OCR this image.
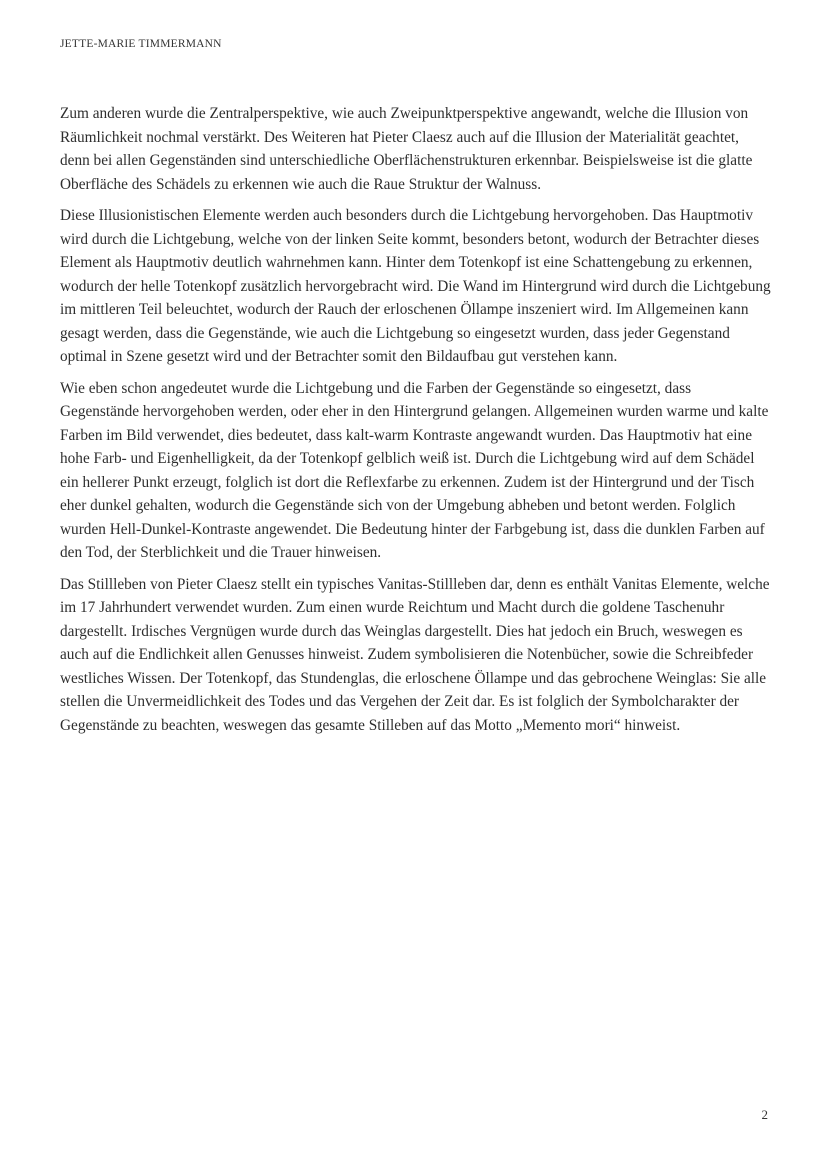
JETTE-MARIE TIMMERMANN

Zum anderen wurde die Zentralperspektive, wie auch Zweipunktperspektive angewandt, welche die Illusion von Räumlichkeit nochmal verstärkt. Des Weiteren hat Pieter Claesz auch auf die Illusion der Materialität geachtet, denn bei allen Gegenständen sind unterschiedliche Oberflächenstrukturen erkennbar. Beispielsweise ist die glatte Oberfläche des Schädels zu erkennen wie auch die Raue Struktur der Walnuss.

Diese Illusionistischen Elemente werden auch besonders durch die Lichtgebung hervorgehoben. Das Hauptmotiv wird durch die Lichtgebung, welche von der linken Seite kommt, besonders betont, wodurch der Betrachter dieses Element als Hauptmotiv deutlich wahrnehmen kann. Hinter dem Totenkopf ist eine Schattengebung zu erkennen, wodurch der helle Totenkopf zusätzlich hervorgebracht wird. Die Wand im Hintergrund wird durch die Lichtgebung im mittleren Teil beleuchtet, wodurch der Rauch der erloschenen Öllampe inszeniert wird. Im Allgemeinen kann gesagt werden, dass die Gegenstände, wie auch die Lichtgebung so eingesetzt wurden, dass jeder Gegenstand optimal in Szene gesetzt wird und der Betrachter somit den Bildaufbau gut verstehen kann.

Wie eben schon angedeutet wurde die Lichtgebung und die Farben der Gegenstände so eingesetzt, dass Gegenstände hervorgehoben werden, oder eher in den Hintergrund gelangen. Allgemeinen wurden warme und kalte Farben im Bild verwendet, dies bedeutet, dass kalt-warm Kontraste angewandt wurden. Das Hauptmotiv hat eine hohe Farb- und Eigenhelligkeit, da der Totenkopf gelblich weiß ist. Durch die Lichtgebung wird auf dem Schädel ein hellerer Punkt erzeugt, folglich ist dort die Reflexfarbe zu erkennen. Zudem ist der Hintergrund und der Tisch eher dunkel gehalten, wodurch die Gegenstände sich von der Umgebung abheben und betont werden. Folglich wurden Hell-Dunkel-Kontraste angewendet. Die Bedeutung hinter der Farbgebung ist, dass die dunklen Farben auf den Tod, der Sterblichkeit und die Trauer hinweisen.

Das Stillleben von Pieter Claesz stellt ein typisches Vanitas-Stillleben dar, denn es enthält Vanitas Elemente, welche im 17 Jahrhundert verwendet wurden. Zum einen wurde Reichtum und Macht durch die goldene Taschenuhr dargestellt. Irdisches Vergnügen wurde durch das Weinglas dargestellt. Dies hat jedoch ein Bruch, weswegen es auch auf die Endlichkeit allen Genusses hinweist. Zudem symbolisieren die Notenbücher, sowie die Schreibfeder westliches Wissen. Der Totenkopf, das Stundenglas, die erloschene Öllampe und das gebrochene Weinglas: Sie alle stellen die Unvermeidlichkeit des Todes und das Vergehen der Zeit dar. Es ist folglich der Symbolcharakter der Gegenstände zu beachten, weswegen das gesamte Stilleben auf das Motto „Memento mori“ hinweist.

2
